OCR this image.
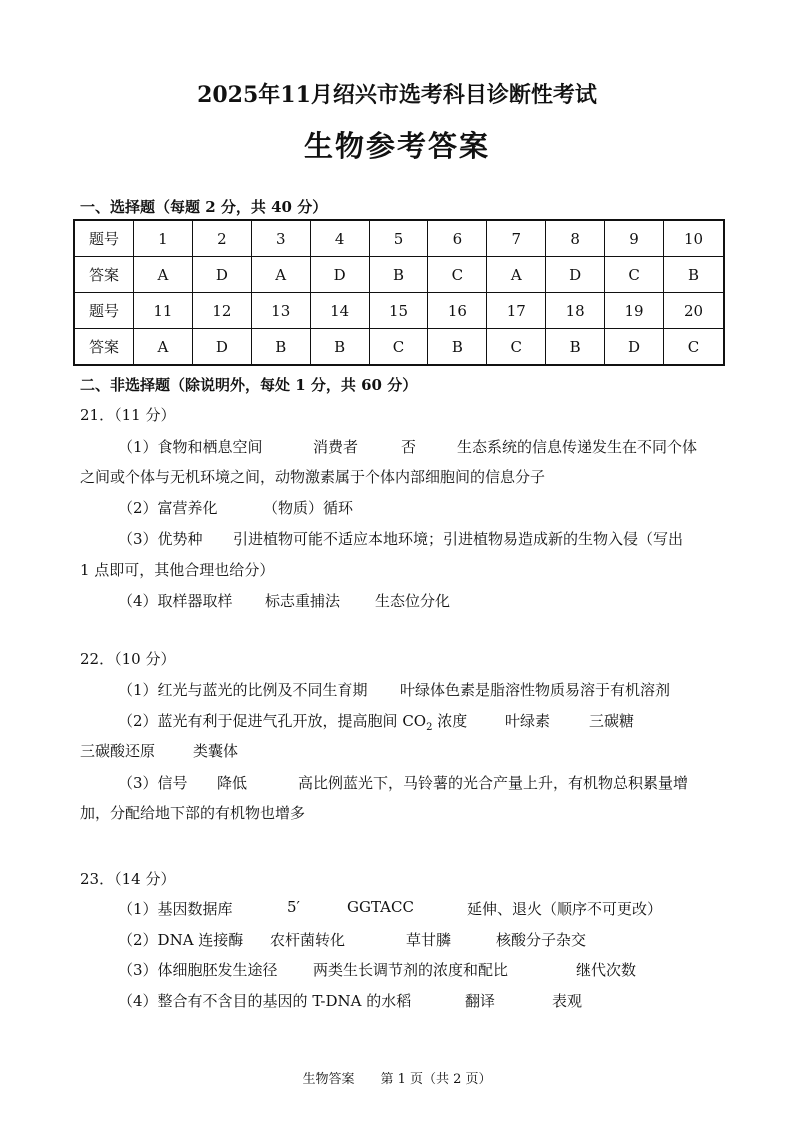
2025年11月绍兴市选考科目诊断性考试
生物参考答案
一、选择题（每题 2 分，共 40 分）
题号	1	2	3	4	5	6	7	8	9	10
答案	A	D	A	D	B	C	A	D	C	B
题号	11	12	13	14	15	16	17	18	19	20
答案	A	D	B	B	C	B	C	B	D	C
二、非选择题（除说明外，每处 1 分，共 60 分）
21．（11 分）
（1）食物和栖息空间	消费者	否	生态系统的信息传递发生在不同个体
之间或个体与无机环境之间，动物激素属于个体内部细胞间的信息分子
（2）富营养化	（物质）循环
（3）优势种 引进植物可能不适应本地环境；引进植物易造成新的生物入侵（写出
1 点即可，其他合理也给分）
（4）取样器取样 标志重捕法 生态位分化
22．（10 分）
（1）红光与蓝光的比例及不同生育期 叶绿体色素是脂溶性物质易溶于有机溶剂
（2）蓝光有利于促进气孔开放，提高胞间 $CO_2$ 浓度	叶绿素	三碳糖
三碳酸还原	类囊体
（3）信号 降低	高比例蓝光下，马铃薯的光合产量上升，有机物总积累量增
加，分配给地下部的有机物也增多
23．（14 分）
（1）基因数据库	5′	GGTACC	延伸、退火（顺序不可更改）
（2）DNA 连接酶 农杆菌转化	草甘膦	核酸分子杂交
（3）体细胞胚发生途径 两类生长调节剂的浓度和配比	继代次数
（4）整合有不含目的基因的 T-DNA 的水稻	翻译	表观
生物答案　　第 1 页（共 2 页）
